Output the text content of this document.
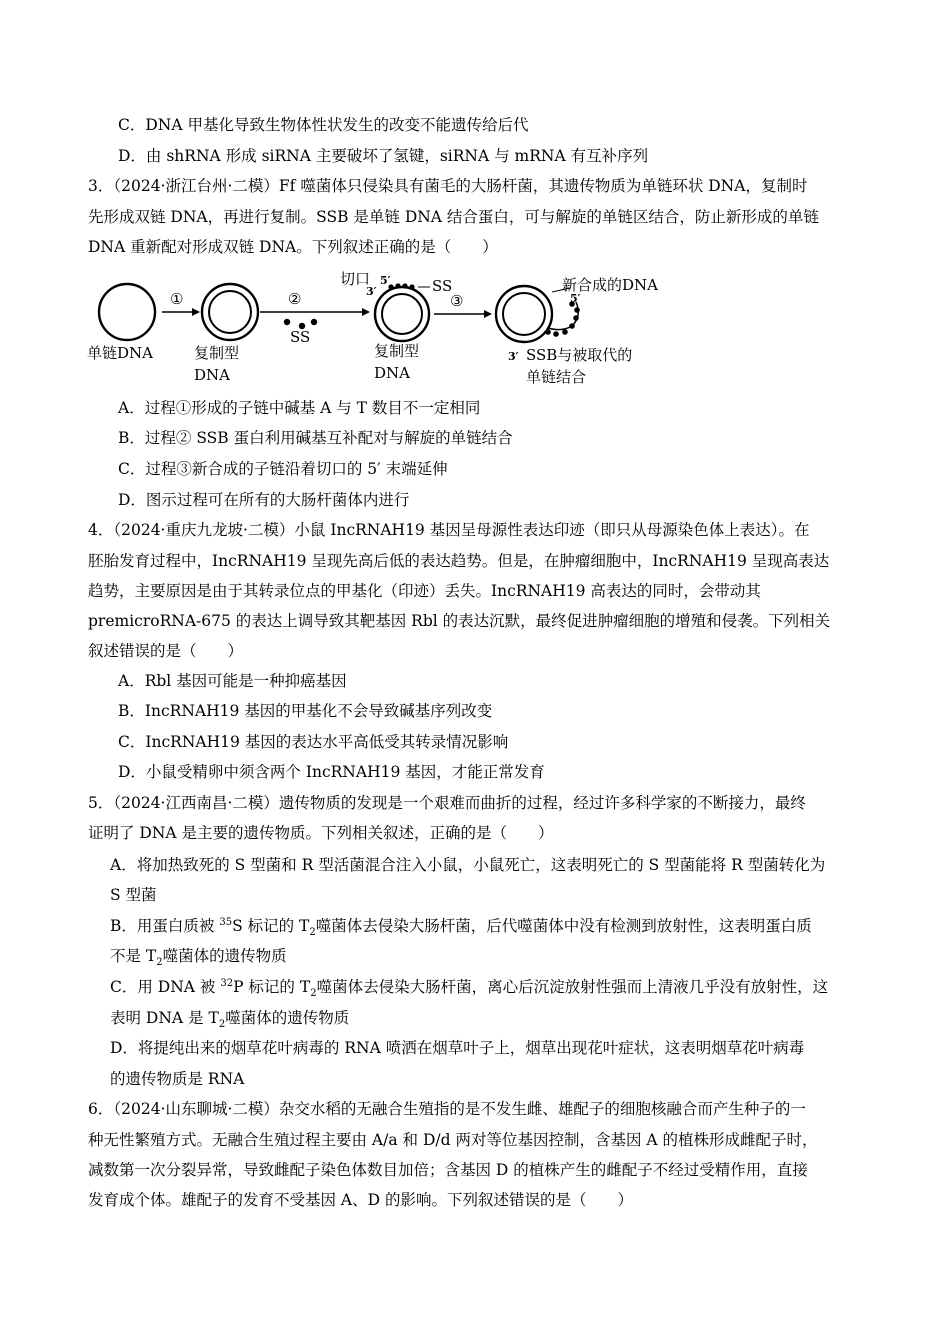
C．DNA 甲基化导致生物体性状发生的改变不能遗传给后代
D．由 shRNA 形成 siRNA 主要破坏了氢键，siRNA 与 mRNA 有互补序列
3．（2024·浙江台州·二模）Ff 噬菌体只侵染具有菌毛的大肠杆菌，其遗传物质为单链环状 DNA，复制时
先形成双链 DNA，再进行复制。SSB 是单链 DNA 结合蛋白，可与解旋的单链区结合，防止新形成的单链
DNA 重新配对形成双链 DNA。下列叙述正确的是（　　）
①	②
SS
切口 5′
3′	SS
③
新合成的DNA
5′
3′ SSB与被取代的
单链结合
单链DNA	复制型
DNA
复制型
DNA
A．过程①形成的子链中碱基 A 与 T 数目不一定相同
B．过程② SSB 蛋白利用碱基互补配对与解旋的单链结合
C．过程③新合成的子链沿着切口的 5′ 末端延伸
D．图示过程可在所有的大肠杆菌体内进行
4．（2024·重庆九龙坡·二模）小鼠 IncRNAH19 基因呈母源性表达印迹（即只从母源染色体上表达）。在
胚胎发育过程中，IncRNAH19 呈现先高后低的表达趋势。但是，在肿瘤细胞中，IncRNAH19 呈现高表达
趋势，主要原因是由于其转录位点的甲基化（印迹）丢失。IncRNAH19 高表达的同时，会带动其
premicroRNA-675 的表达上调导致其靶基因 Rbl 的表达沉默，最终促进肿瘤细胞的增殖和侵袭。下列相关
叙述错误的是（　　）
A．Rbl 基因可能是一种抑癌基因
B．IncRNAH19 基因的甲基化不会导致碱基序列改变
C．IncRNAH19 基因的表达水平高低受其转录情况影响
D．小鼠受精卵中须含两个 IncRNAH19 基因，才能正常发育
5．（2024·江西南昌·二模）遗传物质的发现是一个艰难而曲折的过程，经过许多科学家的不断接力，最终
证明了 DNA 是主要的遗传物质。下列相关叙述，正确的是（　　）
A．将加热致死的 S 型菌和 R 型活菌混合注入小鼠，小鼠死亡，这表明死亡的 S 型菌能将 R 型菌转化为
S 型菌
B．用蛋白质被 $^{35}$S 标记的 $T_2$噬菌体去侵染大肠杆菌，后代噬菌体中没有检测到放射性，这表明蛋白质
不是 $T_2$噬菌体的遗传物质
C．用 DNA 被 $^{32}$P 标记的 $T_2$噬菌体去侵染大肠杆菌，离心后沉淀放射性强而上清液几乎没有放射性，这
表明 DNA 是 $T_2$噬菌体的遗传物质
D．将提纯出来的烟草花叶病毒的 RNA 喷洒在烟草叶子上，烟草出现花叶症状，这表明烟草花叶病毒
的遗传物质是 RNA
6．（2024·山东聊城·二模）杂交水稻的无融合生殖指的是不发生雌、雄配子的细胞核融合而产生种子的一
种无性繁殖方式。无融合生殖过程主要由 A/a 和 D/d 两对等位基因控制，含基因 A 的植株形成雌配子时，
减数第一次分裂异常，导致雌配子染色体数目加倍；含基因 D 的植株产生的雌配子不经过受精作用，直接
发育成个体。雄配子的发育不受基因 A、D 的影响。下列叙述错误的是（　　）
